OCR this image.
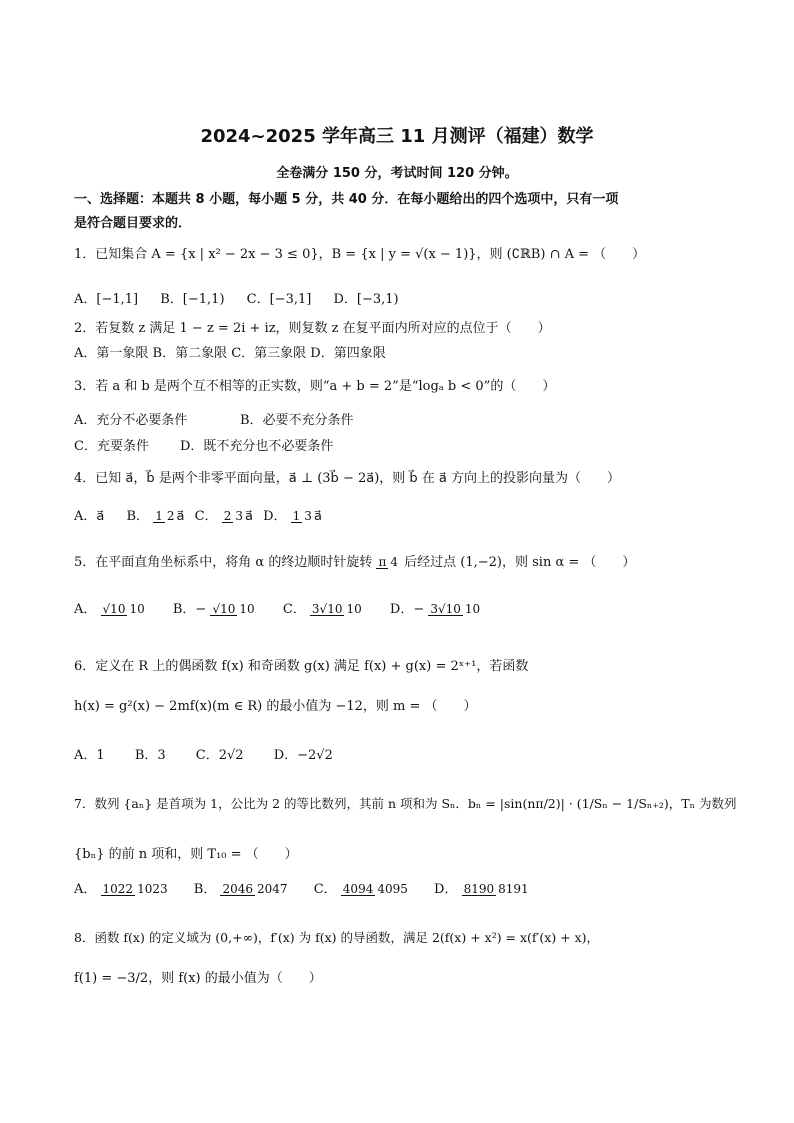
2024~2025 学年高三 11 月测评（福建）数学
全卷满分 150 分，考试时间 120 分钟。
一、选择题：本题共 8 小题，每小题 5 分，共 40 分．在每小题给出的四个选项中，只有一项
是符合题目要求的．
1．已知集合 A = {x | x² − 2x − 3 ≤ 0}，B = {x | y = √(x − 1)}，则 (∁ℝB) ∩ A = （　　）
A．[−1,1] B．[−1,1) C．[−3,1] D．[−3,1)
2．若复数 z 满足 1 − z = 2i + iz，则复数 z 在复平面内所对应的点位于（　　）
A．第一象限 B．第二象限 C．第三象限 D．第四象限
3．若 a 和 b 是两个互不相等的正实数，则“a + b = 2”是“logₐ b < 0”的（　　）
A．充分不必要条件	B．必要不充分条件
C．充要条件 D．既不充分也不必要条件
4．已知 a⃗，b⃗ 是两个非零平面向量，a⃗ ⊥ (3b⃗ − 2a⃗)，则 b⃗ 在 a⃗ 方向上的投影向量为（　　）
A．a⃗ B． 1 2 a⃗ C． 2 3 a⃗ D． 1 3 a⃗
5．在平面直角坐标系中，将角 α 的终边顺时针旋转 π 4 后经过点 (1,−2)，则 sin α = （　　）
A． √10 10 B．− √10 10 C． 3√10 10 D．− 3√10 10
6．定义在 R 上的偶函数 f(x) 和奇函数 g(x) 满足 f(x) + g(x) = 2ˣ⁺¹，若函数
h(x) = g²(x) − 2mf(x)(m ∈ R) 的最小值为 −12，则 m = （　　）
A．1 B．3 C．2√2 D．−2√2
7．数列 {aₙ} 是首项为 1，公比为 2 的等比数列，其前 n 项和为 Sₙ．bₙ = |sin(nπ/2)| · (1/Sₙ − 1/Sₙ₊₂)，Tₙ 为数列
{bₙ} 的前 n 项和，则 T₁₀ = （　　）
A． 1022 1023 B． 2046 2047 C． 4094 4095 D． 8190 8191
8．函数 f(x) 的定义域为 (0,+∞)，f′(x) 为 f(x) 的导函数，满足 2(f(x) + x²) = x(f′(x) + x)，
f(1) = −3/2，则 f(x) 的最小值为（　　）
